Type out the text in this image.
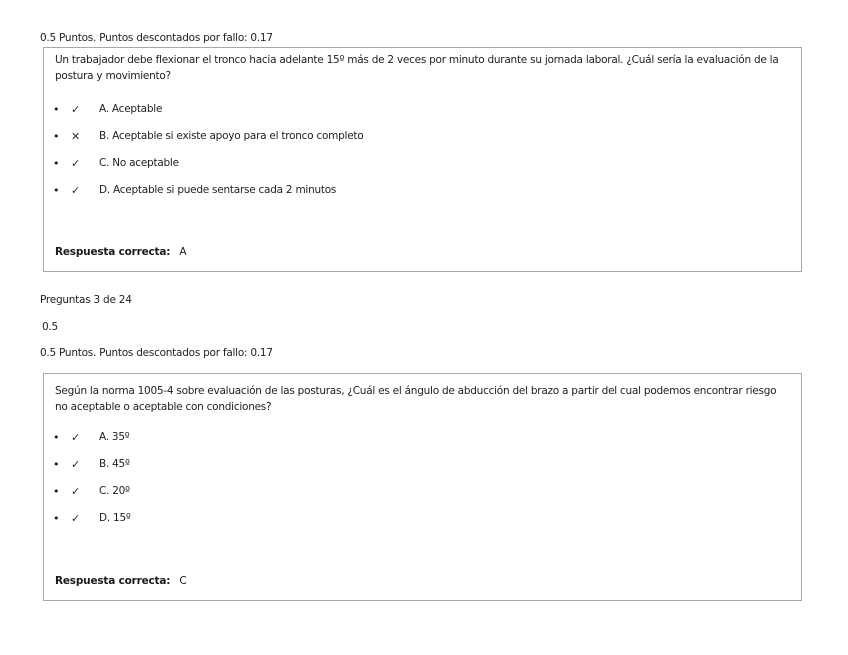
0.5 Puntos. Puntos descontados por fallo: 0.17
Un trabajador debe flexionar el tronco hacia adelante 15º más de 2 veces por minuto durante su jornada laboral. ¿Cuál sería la evaluación de la postura y movimiento?
•	✓	A. Aceptable
•	✕	B. Aceptable si existe apoyo para el tronco completo
•	✓	C. No aceptable
•	✓	D. Aceptable si puede sentarse cada 2 minutos
Respuesta correcta: A
Preguntas 3 de 24
0.5
0.5 Puntos. Puntos descontados por fallo: 0.17
Según la norma 1005-4 sobre evaluación de las posturas, ¿Cuál es el ángulo de abducción del brazo a partir del cual podemos encontrar riesgo no aceptable o aceptable con condiciones?
•	✓	A. 35º
•	✓	B. 45º
•	✓	C. 20º
•	✓	D. 15º
Respuesta correcta: C
